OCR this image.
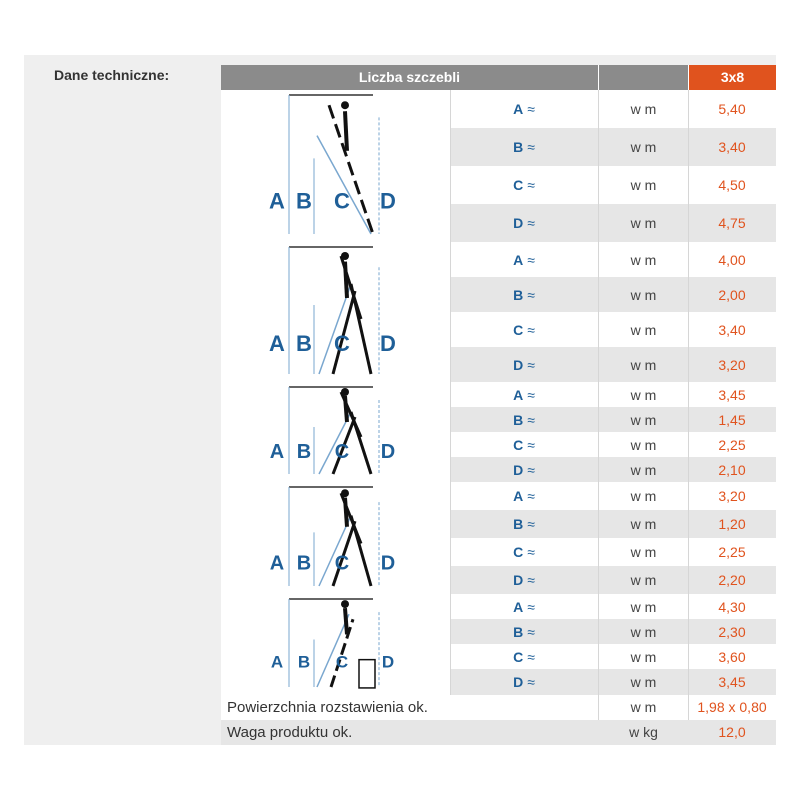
Dane techniczne:	Liczba szczebli	3x8
A ≈	w m	5,40
B ≈	w m	3,40
C ≈	w m	4,50
D ≈	w m	4,75
A ≈	w m	4,00
B ≈	w m	2,00
C ≈	w m	3,40
D ≈	w m	3,20
A ≈	w m	3,45
B ≈	w m	1,45
C ≈	w m	2,25
D ≈	w m	2,10
A ≈	w m	3,20
B ≈	w m	1,20
C ≈	w m	2,25
D ≈	w m	2,20
A ≈	w m	4,30
B ≈	w m	2,30
C ≈	w m	3,60
D ≈	w m	3,45
A B C D
A B C D
A B C D
A B C D
A B C D
Powierzchnia rozstawienia ok.	w m	1,98 x 0,80
Waga produktu ok.	w kg	12,0
